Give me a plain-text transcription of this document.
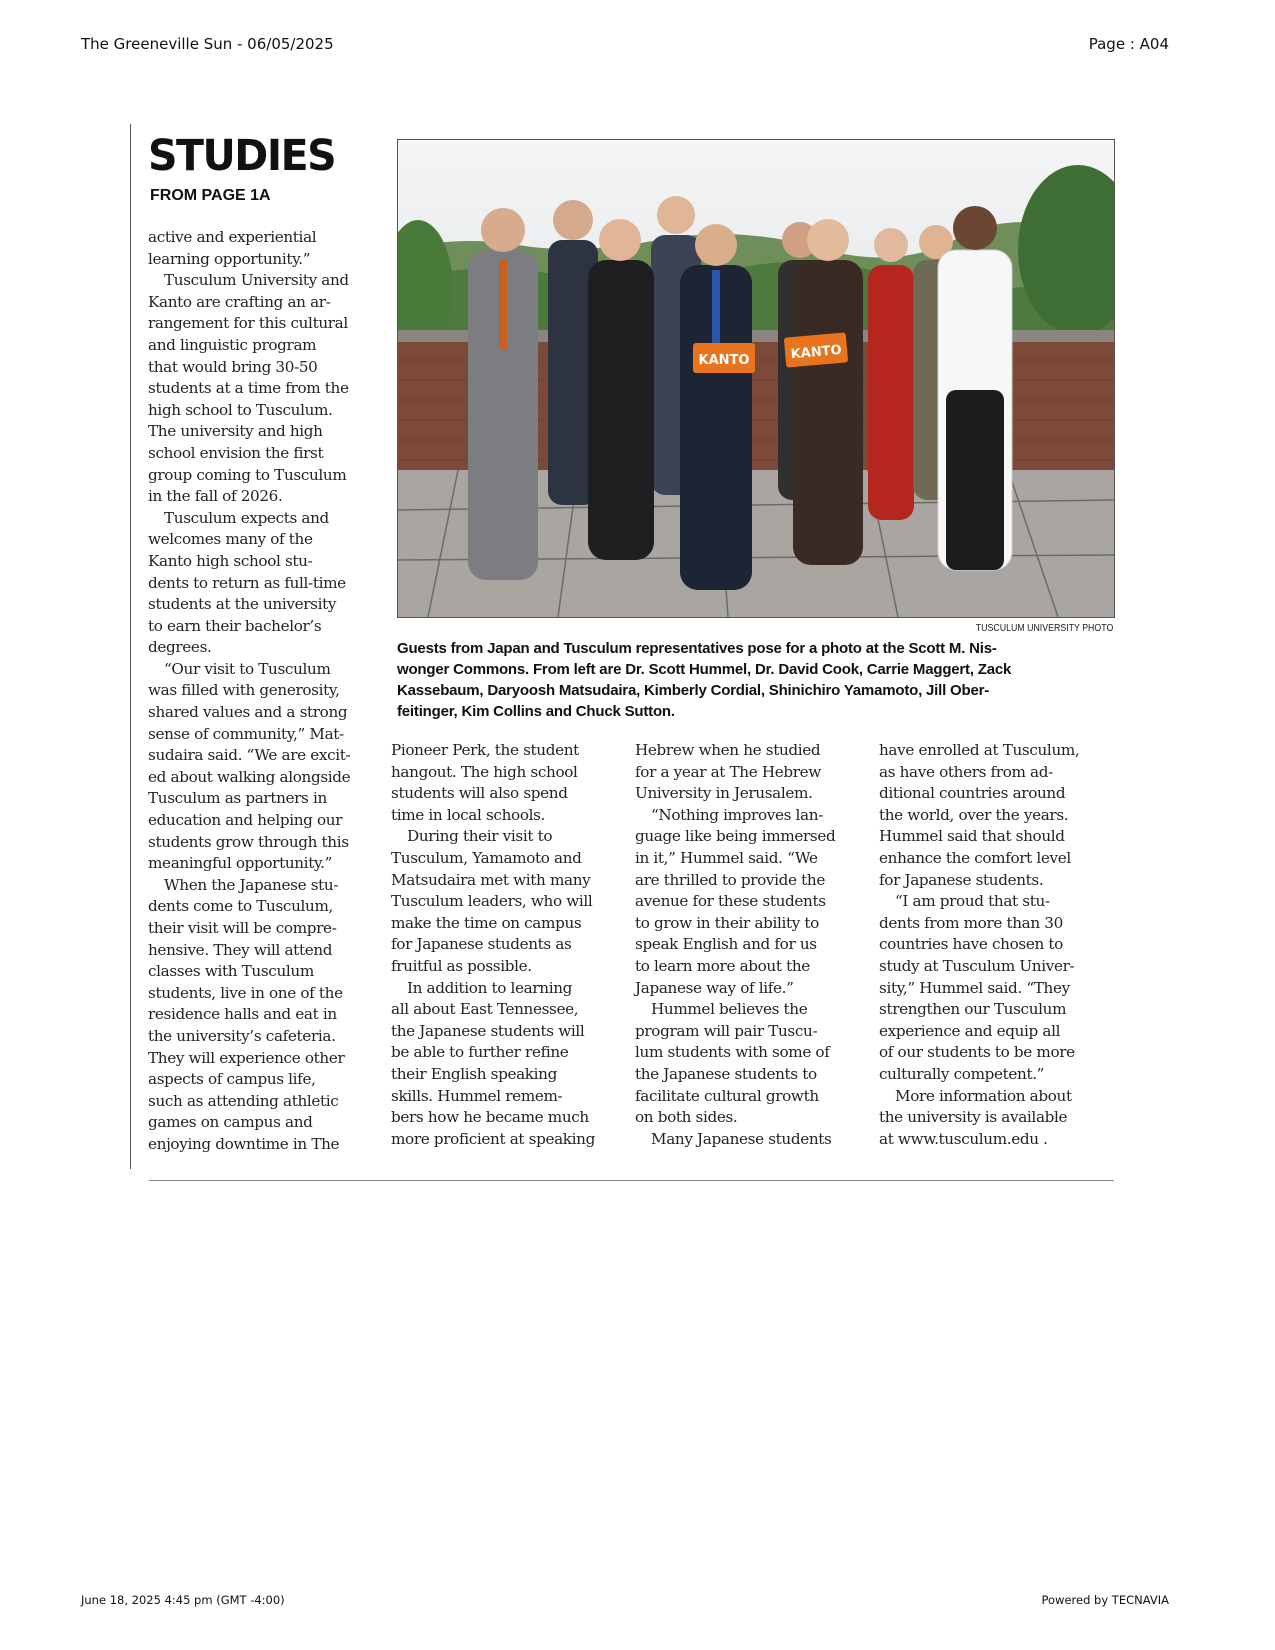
The Greeneville Sun - 06/05/2025	Page : A04
STUDIES
FROM PAGE 1A
active and experiential
learning opportunity.”
Tusculum University and
Kanto are crafting an ar-
rangement for this cultural
and linguistic program
that would bring 30-50
students at a time from the
high school to Tusculum.
The university and high
school envision the first
group coming to Tusculum
in the fall of 2026.
Tusculum expects and
welcomes many of the
Kanto high school stu-
dents to return as full-time
students at the university
to earn their bachelor’s
degrees.
“Our visit to Tusculum
was filled with generosity,
shared values and a strong
sense of community,” Mat-
sudaira said. “We are excit-
ed about walking alongside
Tusculum as partners in
education and helping our
students grow through this
meaningful opportunity.”
When the Japanese stu-
dents come to Tusculum,
their visit will be compre-
hensive. They will attend
classes with Tusculum
students, live in one of the
residence halls and eat in
the university’s cafeteria.
They will experience other
aspects of campus life,
such as attending athletic
games on campus and
enjoying downtime in The
Pioneer Perk, the student
hangout. The high school
students will also spend
time in local schools.
During their visit to
Tusculum, Yamamoto and
Matsudaira met with many
Tusculum leaders, who will
make the time on campus
for Japanese students as
fruitful as possible.
In addition to learning
all about East Tennessee,
the Japanese students will
be able to further refine
their English speaking
skills. Hummel remem-
bers how he became much
more proficient at speaking
Hebrew when he studied
for a year at The Hebrew
University in Jerusalem.
“Nothing improves lan-
guage like being immersed
in it,” Hummel said. “We
are thrilled to provide the
avenue for these students
to grow in their ability to
speak English and for us
to learn more about the
Japanese way of life.”
Hummel believes the
program will pair Tuscu-
lum students with some of
the Japanese students to
facilitate cultural growth
on both sides.
Many Japanese students
have enrolled at Tusculum,
as have others from ad-
ditional countries around
the world, over the years.
Hummel said that should
enhance the comfort level
for Japanese students.
“I am proud that stu-
dents from more than 30
countries have chosen to
study at Tusculum Univer-
sity,” Hummel said. “They
strengthen our Tusculum
experience and equip all
of our students to be more
culturally competent.”
More information about
the university is available
at www.tusculum.edu .
KANTO	KANTO
TUSCULUM UNIVERSITY PHOTO
Guests from Japan and Tusculum representatives pose for a photo at the Scott M. Nis-
wonger Commons. From left are Dr. Scott Hummel, Dr. David Cook, Carrie Maggert, Zack
Kassebaum, Daryoosh Matsudaira, Kimberly Cordial, Shinichiro Yamamoto, Jill Ober-
feitinger, Kim Collins and Chuck Sutton.
June 18, 2025 4:45 pm (GMT -4:00)	Powered by TECNAVIA
